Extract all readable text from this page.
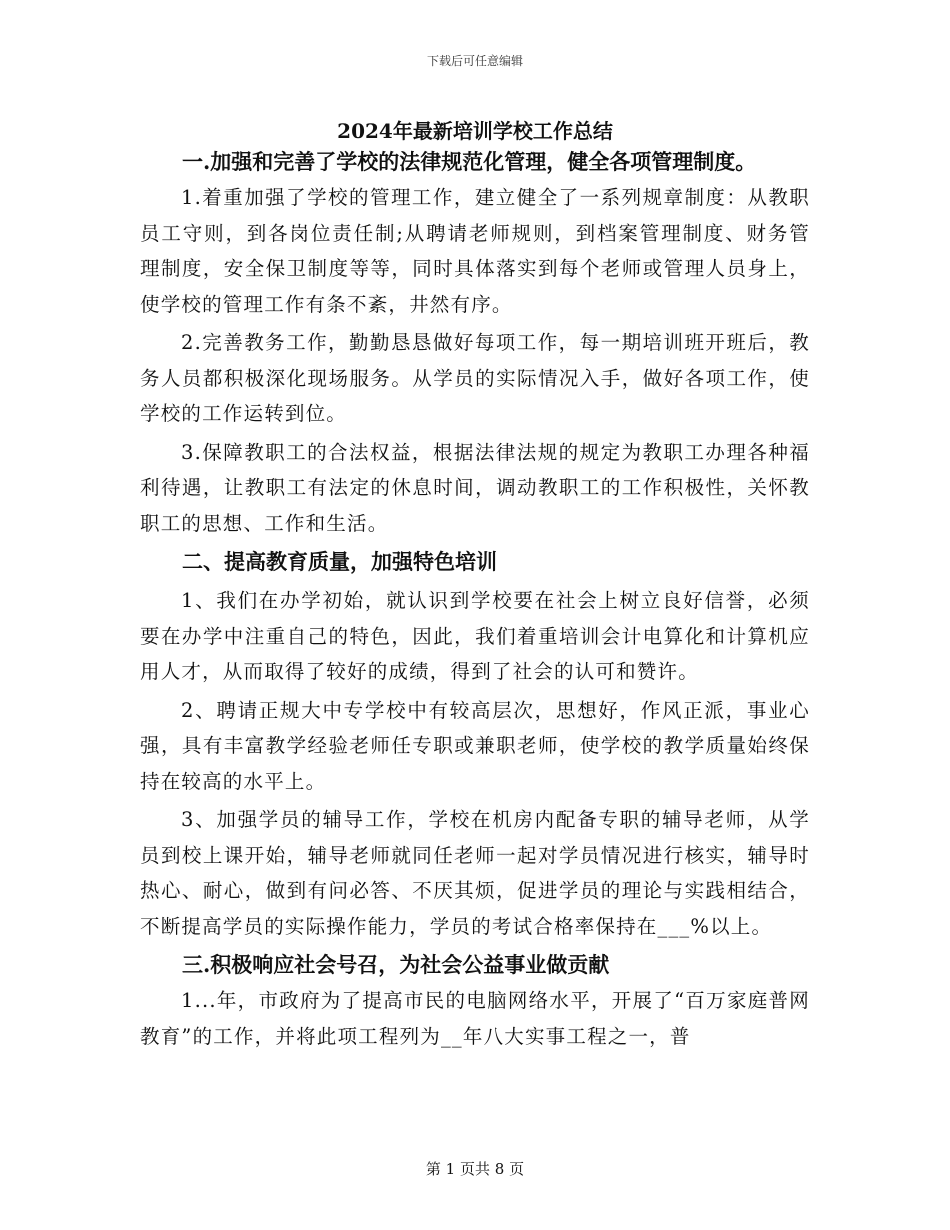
下载后可任意编辑
2024年最新培训学校工作总结

一.加强和完善了学校的法律规范化管理，健全各项管理制度。

1.着重加强了学校的管理工作，建立健全了一系列规章制度：从教职员工守则，到各岗位责任制;从聘请老师规则，到档案管理制度、财务管理制度，安全保卫制度等等，同时具体落实到每个老师或管理人员身上，使学校的管理工作有条不紊，井然有序。

2.完善教务工作，勤勤恳恳做好每项工作，每一期培训班开班后，教务人员都积极深化现场服务。从学员的实际情况入手，做好各项工作，使学校的工作运转到位。

3.保障教职工的合法权益，根据法律法规的规定为教职工办理各种福利待遇，让教职工有法定的休息时间，调动教职工的工作积极性，关怀教职工的思想、工作和生活。

二、提高教育质量，加强特色培训

1、我们在办学初始，就认识到学校要在社会上树立良好信誉，必须要在办学中注重自己的特色，因此，我们着重培训会计电算化和计算机应用人才，从而取得了较好的成绩，得到了社会的认可和赞许。

2、聘请正规大中专学校中有较高层次，思想好，作风正派，事业心强，具有丰富教学经验老师任专职或兼职老师，使学校的教学质量始终保持在较高的水平上。

3、加强学员的辅导工作，学校在机房内配备专职的辅导老师，从学员到校上课开始，辅导老师就同任老师一起对学员情况进行核实，辅导时热心、耐心，做到有问必答、不厌其烦，促进学员的理论与实践相结合，不断提高学员的实际操作能力，学员的考试合格率保持在___%以上。

三.积极响应社会号召，为社会公益事业做贡献

1...年，市政府为了提高市民的电脑网络水平，开展了“百万家庭普网教育”的工作，并将此项工程列为__年八大实事工程之一，普

第 1 页共 8 页
